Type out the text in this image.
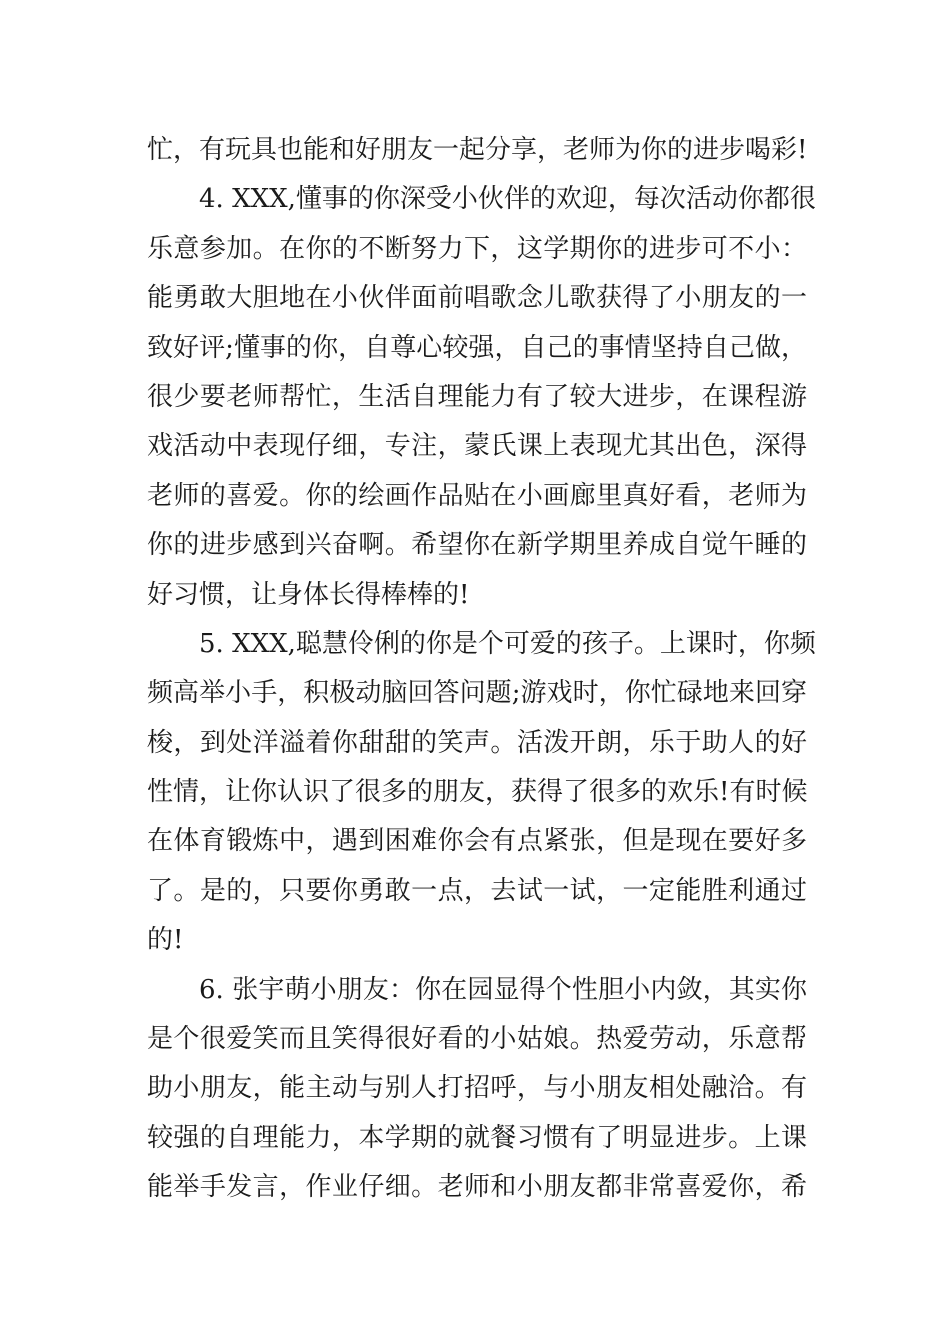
忙，有玩具也能和好朋友一起分享，老师为你的进步喝彩!
4. XXX,懂事的你深受小伙伴的欢迎，每次活动你都很
乐意参加。在你的不断努力下，这学期你的进步可不小：
能勇敢大胆地在小伙伴面前唱歌念儿歌获得了小朋友的一
致好评;懂事的你，自尊心较强，自己的事情坚持自己做，
很少要老师帮忙，生活自理能力有了较大进步，在课程游
戏活动中表现仔细，专注，蒙氏课上表现尤其出色，深得
老师的喜爱。你的绘画作品贴在小画廊里真好看，老师为
你的进步感到兴奋啊。希望你在新学期里养成自觉午睡的
好习惯，让身体长得棒棒的!
5. XXX,聪慧伶俐的你是个可爱的孩子。上课时，你频
频高举小手，积极动脑回答问题;游戏时，你忙碌地来回穿
梭，到处洋溢着你甜甜的笑声。活泼开朗，乐于助人的好
性情，让你认识了很多的朋友，获得了很多的欢乐!有时候
在体育锻炼中，遇到困难你会有点紧张，但是现在要好多
了。是的，只要你勇敢一点，去试一试，一定能胜利通过
的!
6. 张宇萌小朋友：你在园显得个性胆小内敛，其实你
是个很爱笑而且笑得很好看的小姑娘。热爱劳动，乐意帮
助小朋友，能主动与别人打招呼，与小朋友相处融洽。有
较强的自理能力，本学期的就餐习惯有了明显进步。上课
能举手发言，作业仔细。老师和小朋友都非常喜爱你，希
